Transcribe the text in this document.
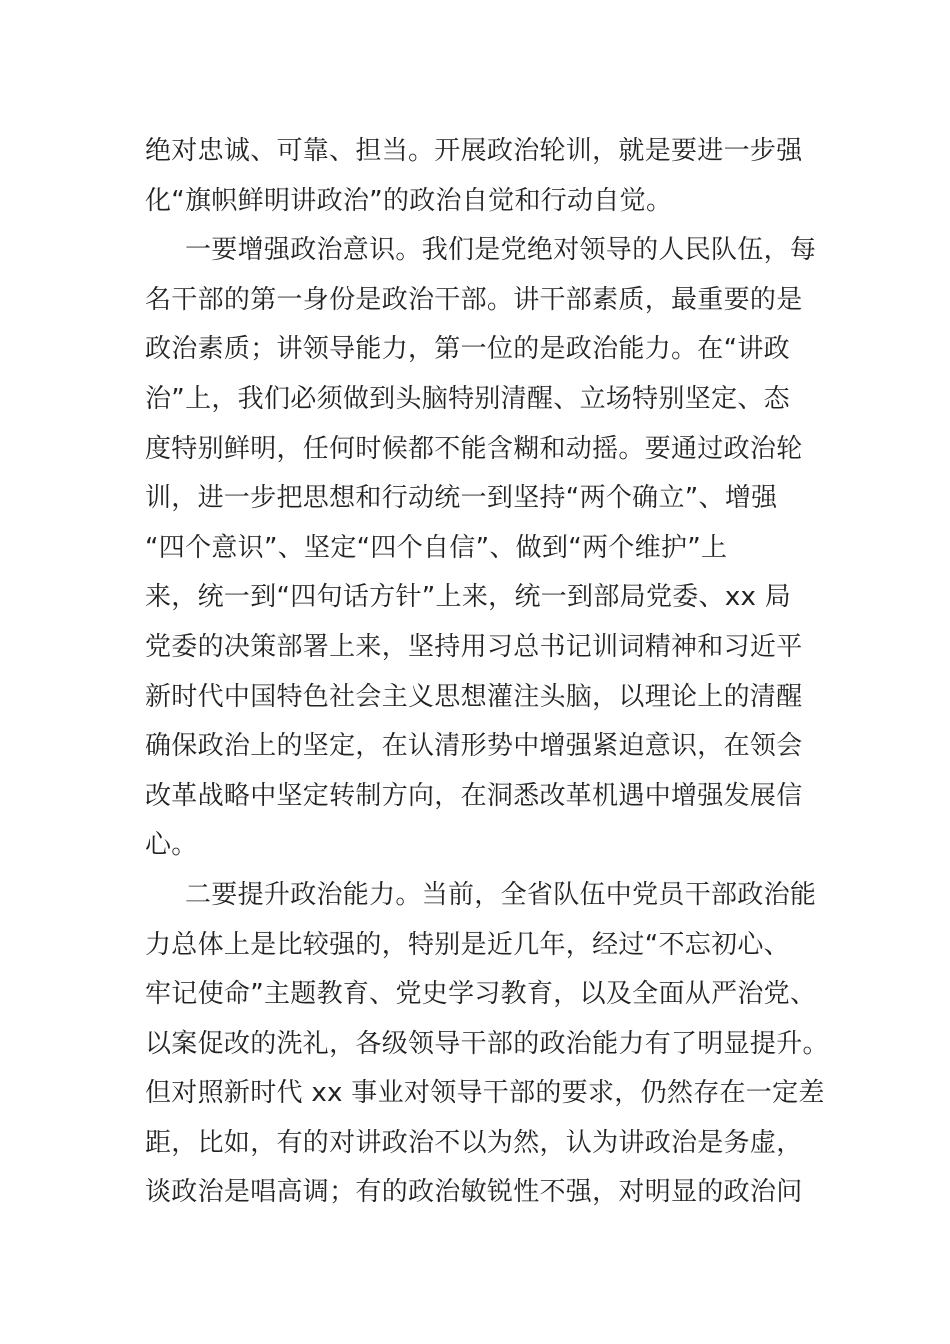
绝对忠诚、可靠、担当。开展政治轮训，就是要进一步强
化“旗帜鲜明讲政治”的政治自觉和行动自觉。
一要增强政治意识。我们是党绝对领导的人民队伍，每
名干部的第一身份是政治干部。讲干部素质，最重要的是
政治素质；讲领导能力，第一位的是政治能力。在“讲政
治”上，我们必须做到头脑特别清醒、立场特别坚定、态
度特别鲜明，任何时候都不能含糊和动摇。要通过政治轮
训，进一步把思想和行动统一到坚持“两个确立”、增强
“四个意识”、坚定“四个自信”、做到“两个维护”上
来，统一到“四句话方针”上来，统一到部局党委、xx 局
党委的决策部署上来，坚持用习总书记训词精神和习近平
新时代中国特色社会主义思想灌注头脑，以理论上的清醒
确保政治上的坚定，在认清形势中增强紧迫意识，在领会
改革战略中坚定转制方向，在洞悉改革机遇中增强发展信
心。
二要提升政治能力。当前，全省队伍中党员干部政治能
力总体上是比较强的，特别是近几年，经过“不忘初心、
牢记使命”主题教育、党史学习教育，以及全面从严治党、
以案促改的洗礼，各级领导干部的政治能力有了明显提升。
但对照新时代 xx 事业对领导干部的要求，仍然存在一定差
距，比如，有的对讲政治不以为然，认为讲政治是务虚，
谈政治是唱高调；有的政治敏锐性不强，对明显的政治问
